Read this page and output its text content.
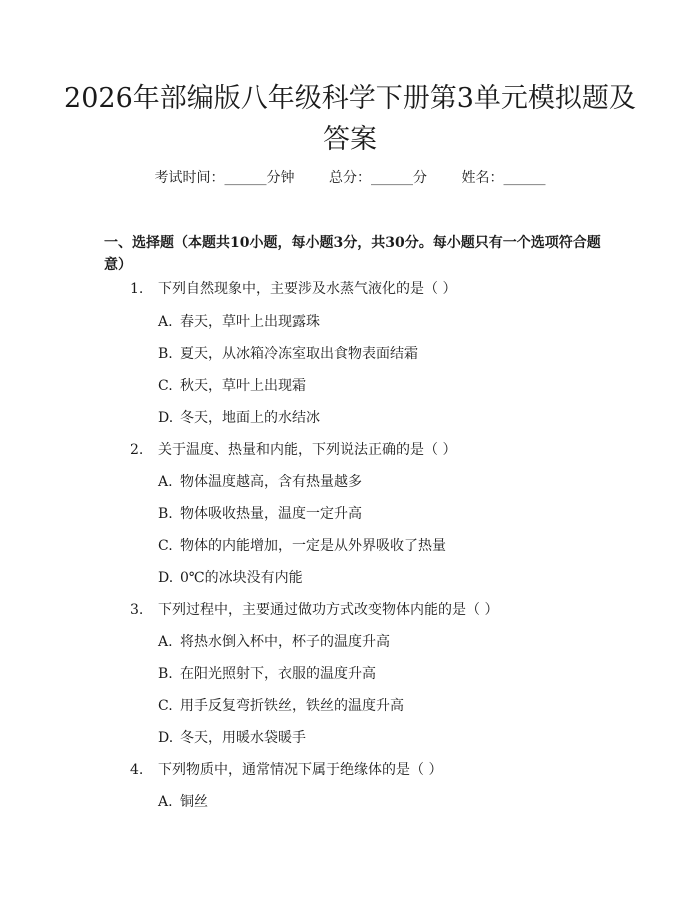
2026年部编版八年级科学下册第3单元模拟题及答案
考试时间：______分钟 总分：______分 姓名：______
一、选择题（本题共10小题，每小题3分，共30分。每小题只有一个选项符合题意）
1. 下列自然现象中，主要涉及水蒸气液化的是（ ）
A. 春天，草叶上出现露珠
B. 夏天，从冰箱冷冻室取出食物表面结霜
C. 秋天，草叶上出现霜
D. 冬天，地面上的水结冰
2. 关于温度、热量和内能，下列说法正确的是（ ）
A. 物体温度越高，含有热量越多
B. 物体吸收热量，温度一定升高
C. 物体的内能增加，一定是从外界吸收了热量
D. 0℃的冰块没有内能
3. 下列过程中，主要通过做功方式改变物体内能的是（ ）
A. 将热水倒入杯中，杯子的温度升高
B. 在阳光照射下，衣服的温度升高
C. 用手反复弯折铁丝，铁丝的温度升高
D. 冬天，用暖水袋暖手
4. 下列物质中，通常情况下属于绝缘体的是（ ）
A. 铜丝
